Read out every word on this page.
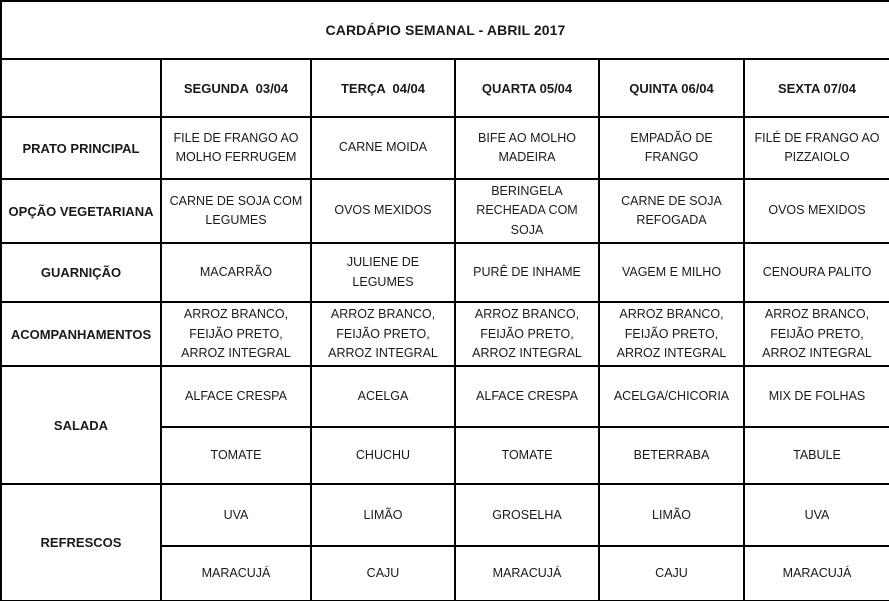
CARDÁPIO SEMANAL - ABRIL 2017					
	SEGUNDA  03/04	TERÇA  04/04	QUARTA 05/04	QUINTA 06/04	SEXTA 07/04
PRATO PRINCIPAL	FILE DE FRANGO AO MOLHO FERRUGEM	CARNE MOIDA	BIFE AO MOLHO MADEIRA	EMPADÃO DE FRANGO	FILÉ DE FRANGO AO PIZZAIOLO
OPÇÃO VEGETARIANA	CARNE DE SOJA COM LEGUMES	OVOS MEXIDOS	BERINGELA RECHEADA COM SOJA	CARNE DE SOJA REFOGADA	OVOS MEXIDOS
GUARNIÇÃO	MACARRÃO	JULIENE DE LEGUMES	PURÊ DE INHAME	VAGEM E MILHO	CENOURA PALITO
ACOMPANHAMENTOS	ARROZ BRANCO, FEIJÃO PRETO, ARROZ INTEGRAL	ARROZ BRANCO, FEIJÃO PRETO, ARROZ INTEGRAL	ARROZ BRANCO, FEIJÃO PRETO, ARROZ INTEGRAL	ARROZ BRANCO, FEIJÃO PRETO, ARROZ INTEGRAL	ARROZ BRANCO, FEIJÃO PRETO, ARROZ INTEGRAL
SALADA	ALFACE CRESPA	ACELGA	ALFACE CRESPA	ACELGA/CHICORIA	MIX DE FOLHAS
	TOMATE	CHUCHU	TOMATE	BETERRABA	TABULE
REFRESCOS	UVA	LIMÃO	GROSELHA	LIMÃO	UVA
	MARACUJÁ	CAJU	MARACUJÁ	CAJU	MARACUJÁ
